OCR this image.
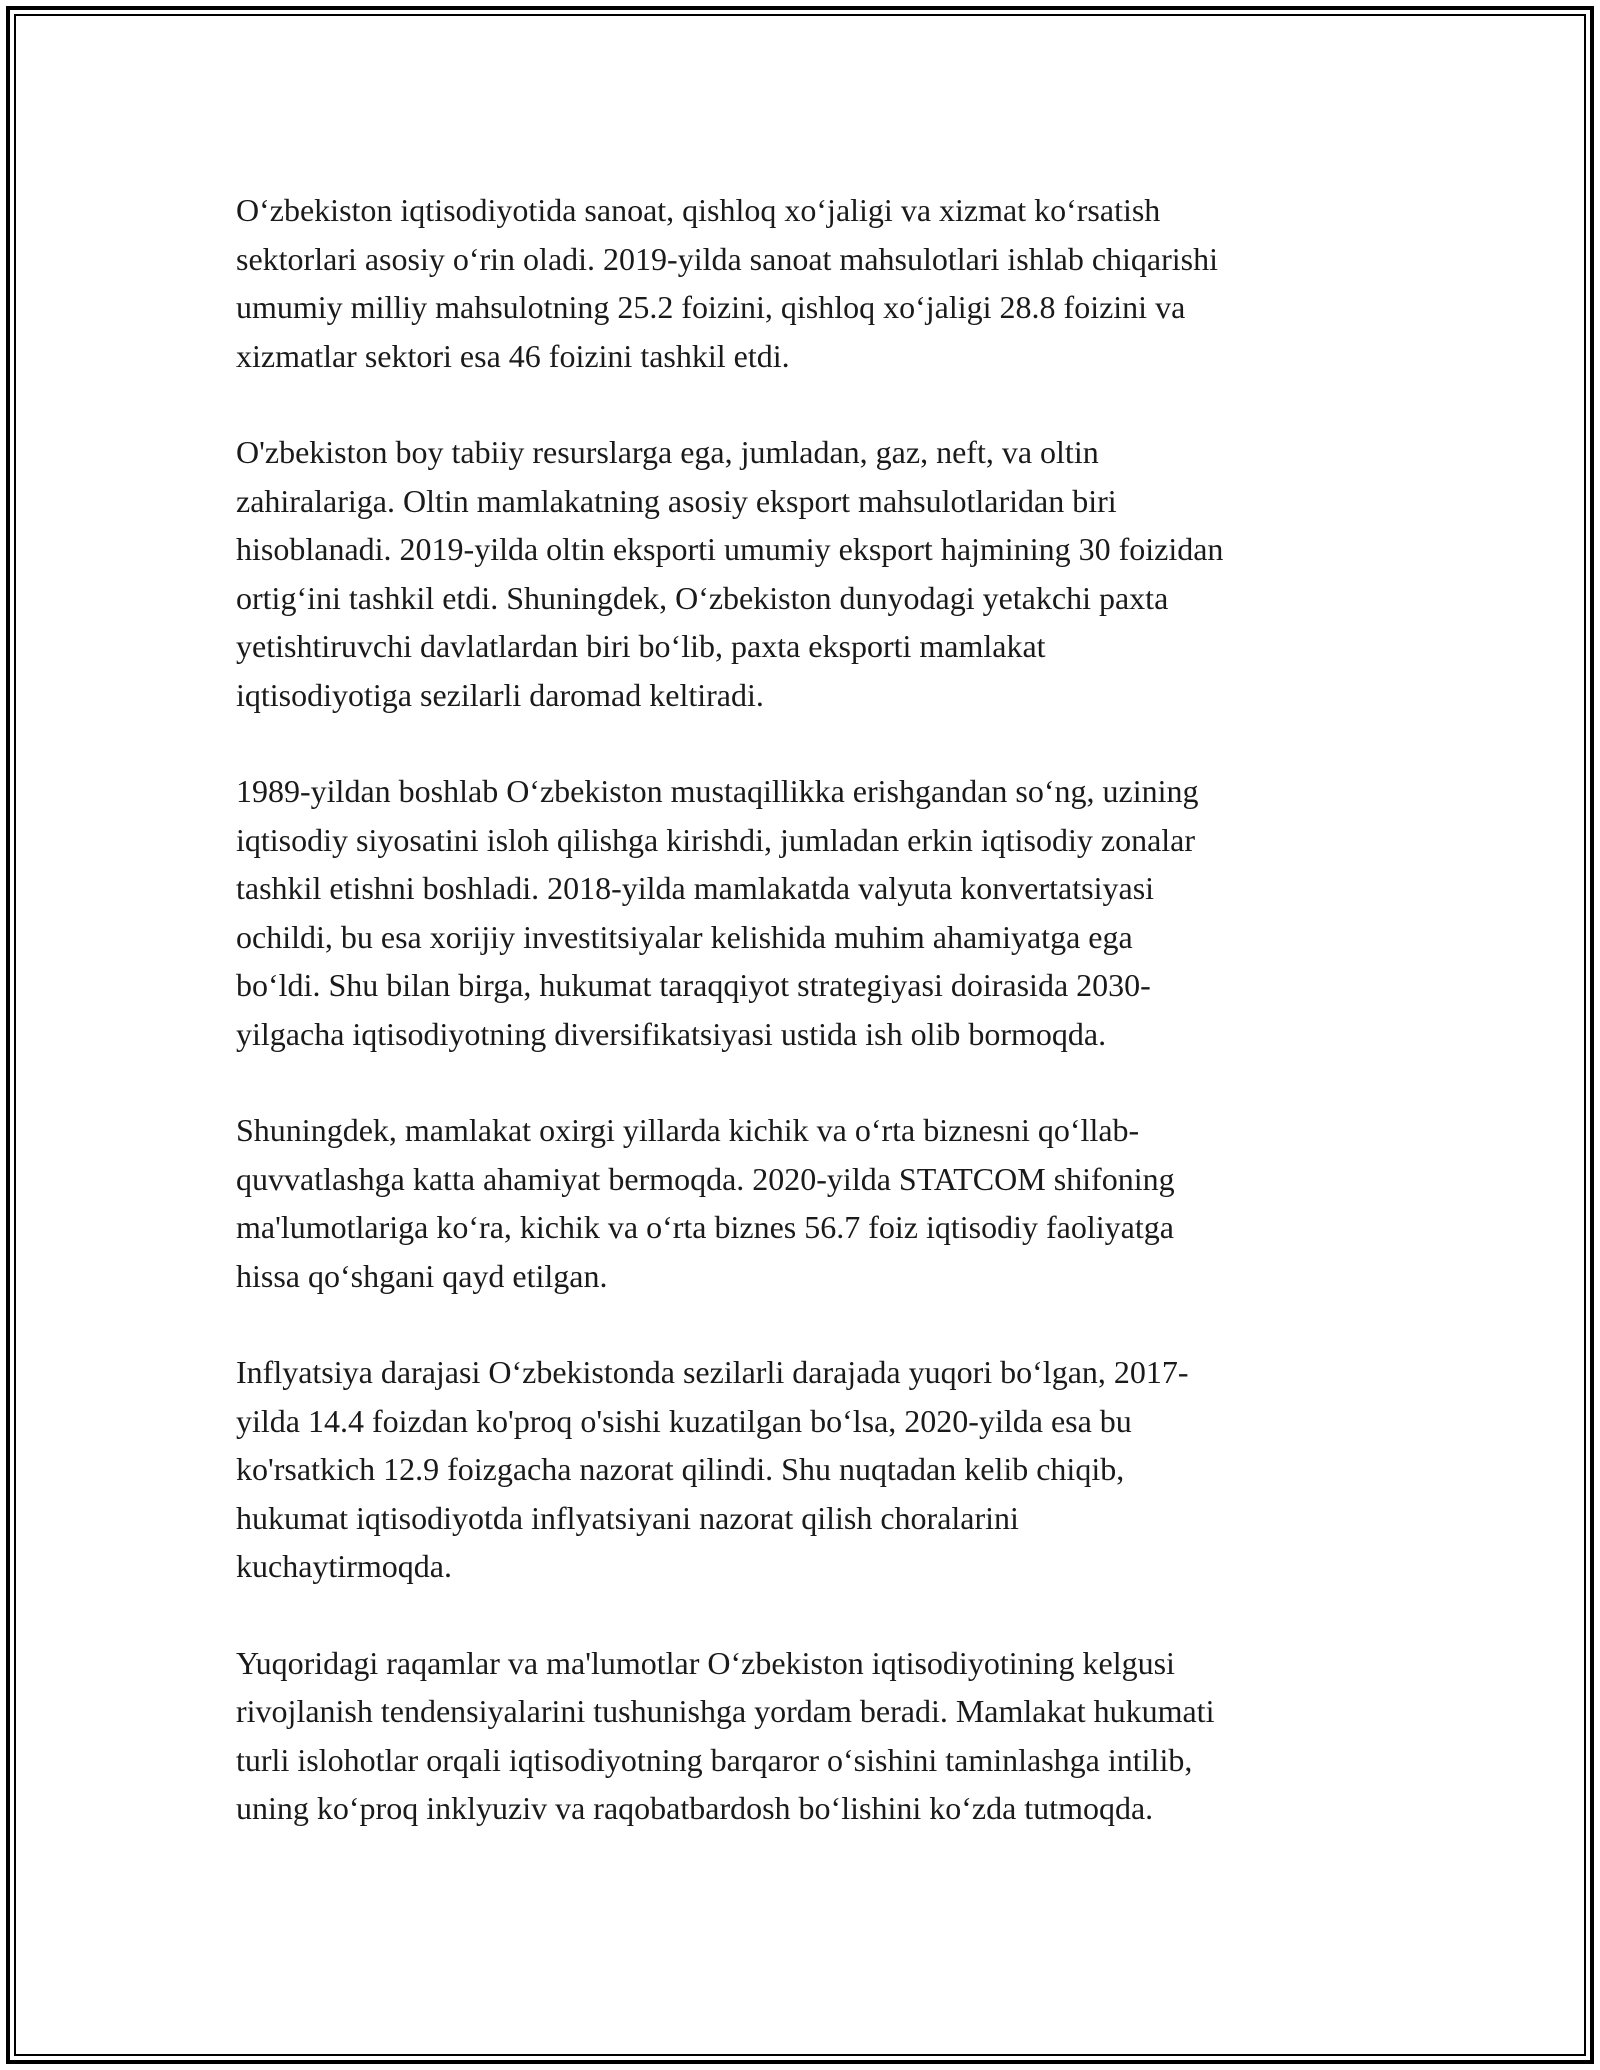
O‘zbekiston iqtisodiyotida sanoat, qishloq xo‘jaligi va xizmat ko‘rsatish
sektorlari asosiy o‘rin oladi. 2019-yilda sanoat mahsulotlari ishlab chiqarishi
umumiy milliy mahsulotning 25.2 foizini, qishloq xo‘jaligi 28.8 foizini va
xizmatlar sektori esa 46 foizini tashkil etdi.

O'zbekiston boy tabiiy resurslarga ega, jumladan, gaz, neft, va oltin
zahiralariga. Oltin mamlakatning asosiy eksport mahsulotlaridan biri
hisoblanadi. 2019-yilda oltin eksporti umumiy eksport hajmining 30 foizidan
ortig‘ini tashkil etdi. Shuningdek, O‘zbekiston dunyodagi yetakchi paxta
yetishtiruvchi davlatlardan biri bo‘lib, paxta eksporti mamlakat
iqtisodiyotiga sezilarli daromad keltiradi.

1989-yildan boshlab O‘zbekiston mustaqillikka erishgandan so‘ng, uzining
iqtisodiy siyosatini isloh qilishga kirishdi, jumladan erkin iqtisodiy zonalar
tashkil etishni boshladi. 2018-yilda mamlakatda valyuta konvertatsiyasi
ochildi, bu esa xorijiy investitsiyalar kelishida muhim ahamiyatga ega
bo‘ldi. Shu bilan birga, hukumat taraqqiyot strategiyasi doirasida 2030-
yilgacha iqtisodiyotning diversifikatsiyasi ustida ish olib bormoqda.

Shuningdek, mamlakat oxirgi yillarda kichik va o‘rta biznesni qo‘llab-
quvvatlashga katta ahamiyat bermoqda. 2020-yilda STATCOM shifoning
ma'lumotlariga ko‘ra, kichik va o‘rta biznes 56.7 foiz iqtisodiy faoliyatga
hissa qo‘shgani qayd etilgan.

Inflyatsiya darajasi O‘zbekistonda sezilarli darajada yuqori bo‘lgan, 2017-
yilda 14.4 foizdan ko'proq o'sishi kuzatilgan bo‘lsa, 2020-yilda esa bu
ko'rsatkich 12.9 foizgacha nazorat qilindi. Shu nuqtadan kelib chiqib,
hukumat iqtisodiyotda inflyatsiyani nazorat qilish choralarini
kuchaytirmoqda.

Yuqoridagi raqamlar va ma'lumotlar O‘zbekiston iqtisodiyotining kelgusi
rivojlanish tendensiyalarini tushunishga yordam beradi. Mamlakat hukumati
turli islohotlar orqali iqtisodiyotning barqaror o‘sishini taminlashga intilib,
uning ko‘proq inklyuziv va raqobatbardosh bo‘lishini ko‘zda tutmoqda.
